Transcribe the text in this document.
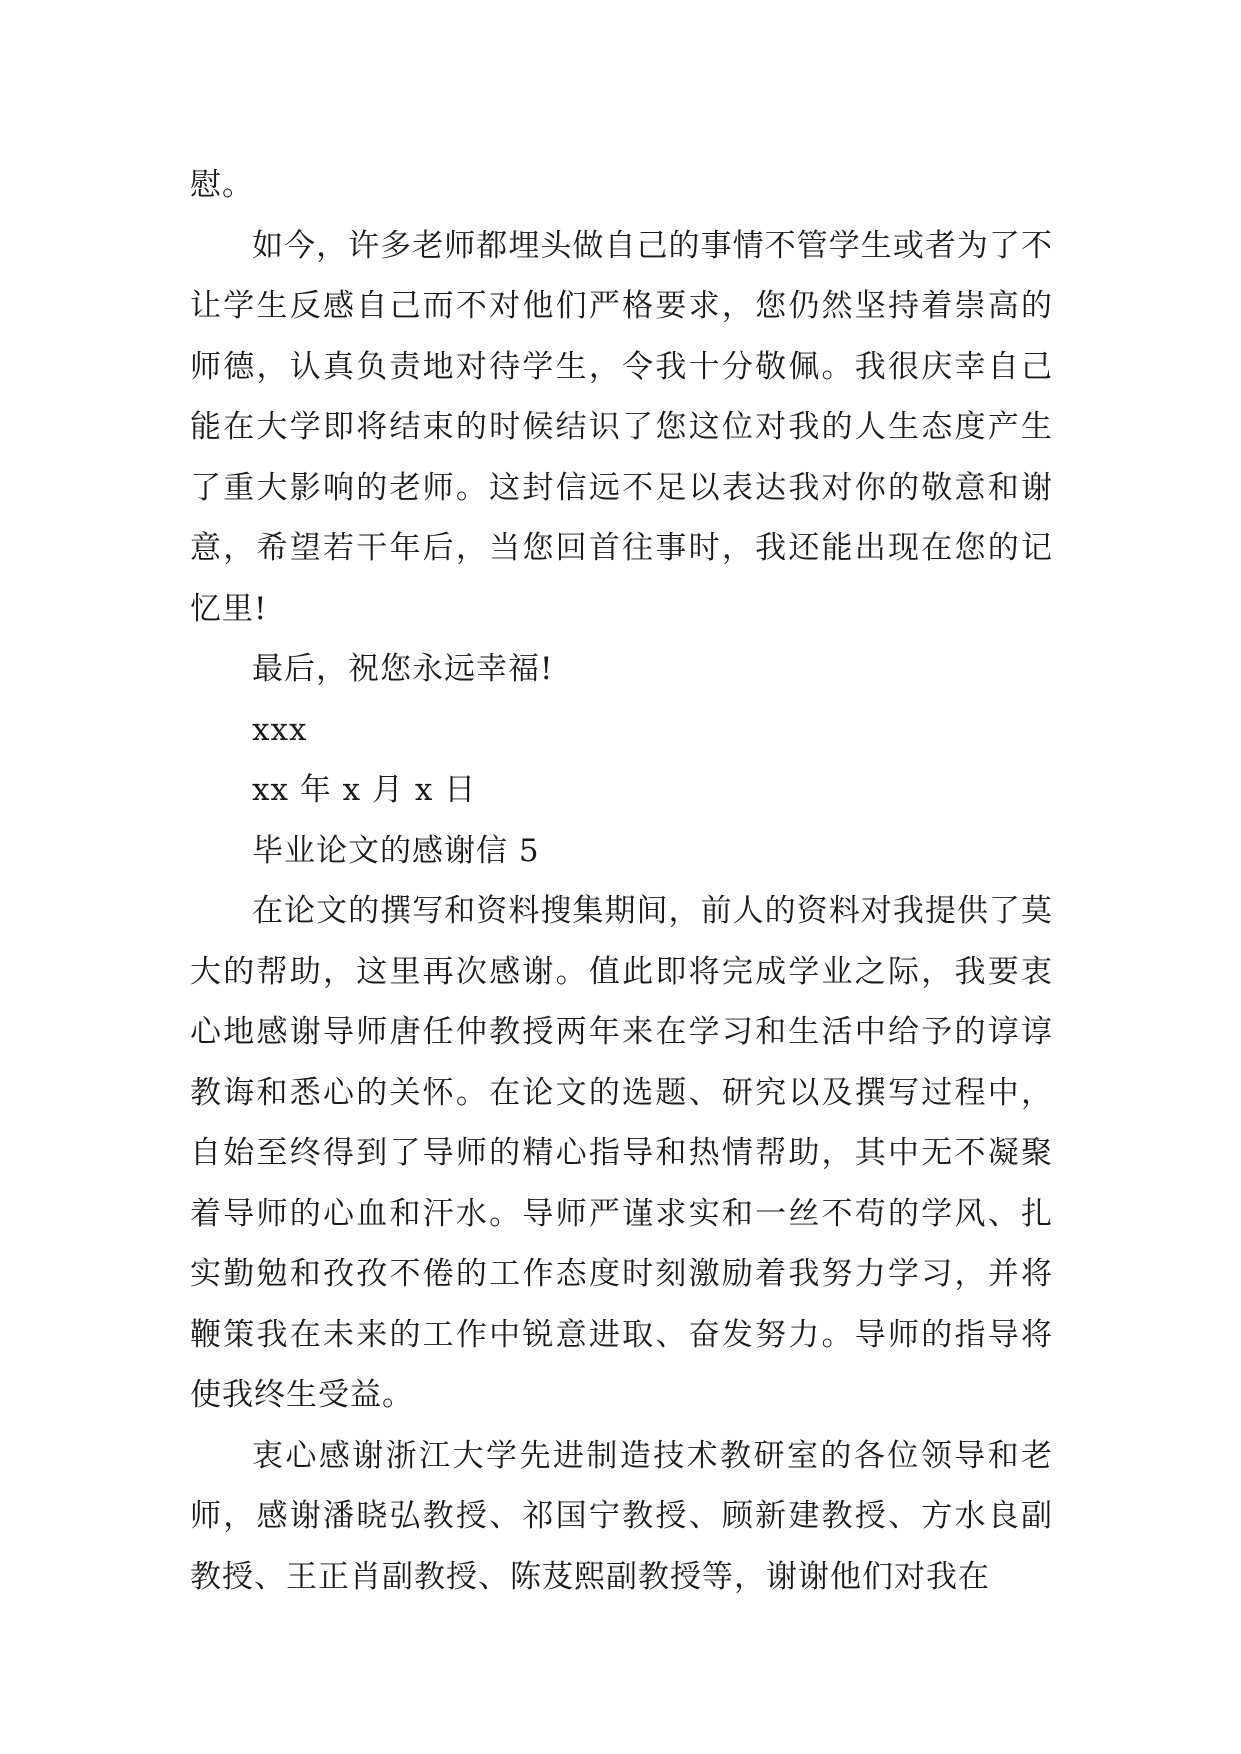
慰。

如今，许多老师都埋头做自己的事情不管学生或者为了不让学生反感自己而不对他们严格要求，您仍然坚持着崇高的师德，认真负责地对待学生，令我十分敬佩。我很庆幸自己能在大学即将结束的时候结识了您这位对我的人生态度产生了重大影响的老师。这封信远不足以表达我对你的敬意和谢意，希望若干年后，当您回首往事时，我还能出现在您的记忆里!

最后，祝您永远幸福!

xxx

xx 年 x 月 x 日

毕业论文的感谢信 5

在论文的撰写和资料搜集期间，前人的资料对我提供了莫大的帮助，这里再次感谢。值此即将完成学业之际，我要衷心地感谢导师唐任仲教授两年来在学习和生活中给予的谆谆教诲和悉心的关怀。在论文的选题、研究以及撰写过程中，自始至终得到了导师的精心指导和热情帮助，其中无不凝聚着导师的心血和汗水。导师严谨求实和一丝不苟的学风、扎实勤勉和孜孜不倦的工作态度时刻激励着我努力学习，并将鞭策我在未来的工作中锐意进取、奋发努力。导师的指导将使我终生受益。

衷心感谢浙江大学先进制造技术教研室的各位领导和老师，感谢潘晓弘教授、祁国宁教授、顾新建教授、方水良副教授、王正肖副教授、陈芨熙副教授等，谢谢他们对我在
